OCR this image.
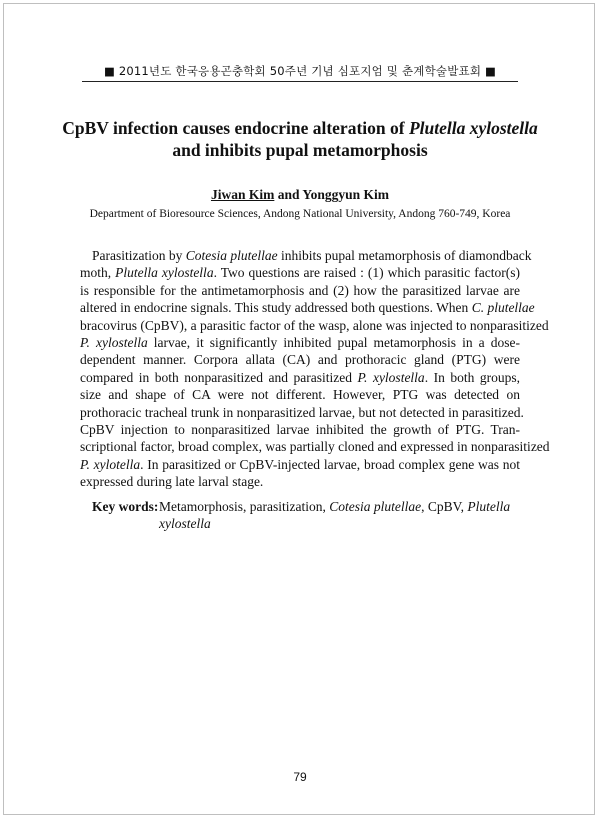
■ 2011년도 한국응용곤충학회 50주년 기념 심포지엄 및 춘계학술발표회 ■
CpBV infection causes endocrine alteration of Plutella xylostella
and inhibits pupal metamorphosis
Jiwan Kim and Yonggyun Kim
Department of Bioresource Sciences, Andong National University, Andong 760-749, Korea
Parasitization by Cotesia plutellae inhibits pupal metamorphosis of diamondback
moth, Plutella xylostella. Two questions are raised : (1) which parasitic factor(s)
is responsible for the antimetamorphosis and (2) how the parasitized larvae are
altered in endocrine signals. This study addressed both questions. When C. plutellae
bracovirus (CpBV), a parasitic factor of the wasp, alone was injected to nonparasitized
P. xylostella larvae, it significantly inhibited pupal metamorphosis in a dose-
dependent manner. Corpora allata (CA) and prothoracic gland (PTG) were
compared in both nonparasitized and parasitized P. xylostella. In both groups,
size and shape of CA were not different. However, PTG was detected on
prothoracic tracheal trunk in nonparasitized larvae, but not detected in parasitized.
CpBV injection to nonparasitized larvae inhibited the growth of PTG. Tran-
scriptional factor, broad complex, was partially cloned and expressed in nonparasitized
P. xylotella. In parasitized or CpBV-injected larvae, broad complex gene was not
expressed during late larval stage.
Key words: Metamorphosis, parasitization, Cotesia plutellae, CpBV, Plutella
xylostella
79
